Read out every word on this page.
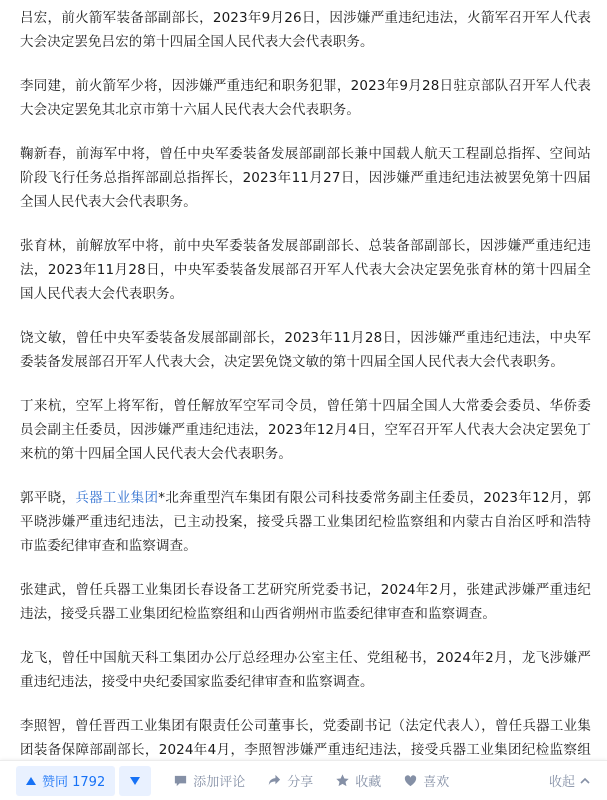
吕宏，前火箭军装备部副部长，2023年9月26日，因涉嫌严重违纪违法，火箭军召开军人代表大会决定罢免吕宏的第十四届全国人民代表大会代表职务。

李同建，前火箭军少将，因涉嫌严重违纪和职务犯罪，2023年9月28日驻京部队召开军人代表大会决定罢免其北京市第十六届人民代表大会代表职务。

鞠新春，前海军中将，曾任中央军委装备发展部副部长兼中国载人航天工程副总指挥、空间站阶段飞行任务总指挥部副总指挥长，2023年11月27日，因涉嫌严重违纪违法被罢免第十四届全国人民代表大会代表职务。

张育林，前解放军中将，前中央军委装备发展部副部长、总装备部副部长，因涉嫌严重违纪违法，2023年11月28日，中央军委装备发展部召开军人代表大会决定罢免张育林的第十四届全国人民代表大会代表职务。

饶文敏，曾任中央军委装备发展部副部长，2023年11月28日，因涉嫌严重违纪违法，中央军委装备发展部召开军人代表大会，决定罢免饶文敏的第十四届全国人民代表大会代表职务。

丁来杭，空军上将军衔，曾任解放军空军司令员，曾任第十四届全国人大常委会委员、华侨委员会副主任委员，因涉嫌严重违纪违法，2023年12月4日，空军召开军人代表大会决定罢免丁来杭的第十四届全国人民代表大会代表职务。

郭平晓，兵器工业集团*北奔重型汽车集团有限公司科技委常务副主任委员，2023年12月，郭平晓涉嫌严重违纪违法，已主动投案，接受兵器工业集团纪检监察组和内蒙古自治区呼和浩特市监委纪律审查和监察调查。

张建武，曾任兵器工业集团长春设备工艺研究所党委书记，2024年2月，张建武涉嫌严重违纪违法，接受兵器工业集团纪检监察组和山西省朔州市监委纪律审查和监察调查。

龙飞，曾任中国航天科工集团办公厅总经理办公室主任、党组秘书，2024年2月，龙飞涉嫌严重违纪违法，接受中央纪委国家监委纪律审查和监察调查。

李照智，曾任晋西工业集团有限责任公司董事长，党委副书记（法定代表人），曾任兵器工业集团装备保障部副部长，2024年4月，李照智涉嫌严重违纪违法，接受兵器工业集团纪检监察组

赞同 1792	添加评论	分享	收藏	喜欢	收起
